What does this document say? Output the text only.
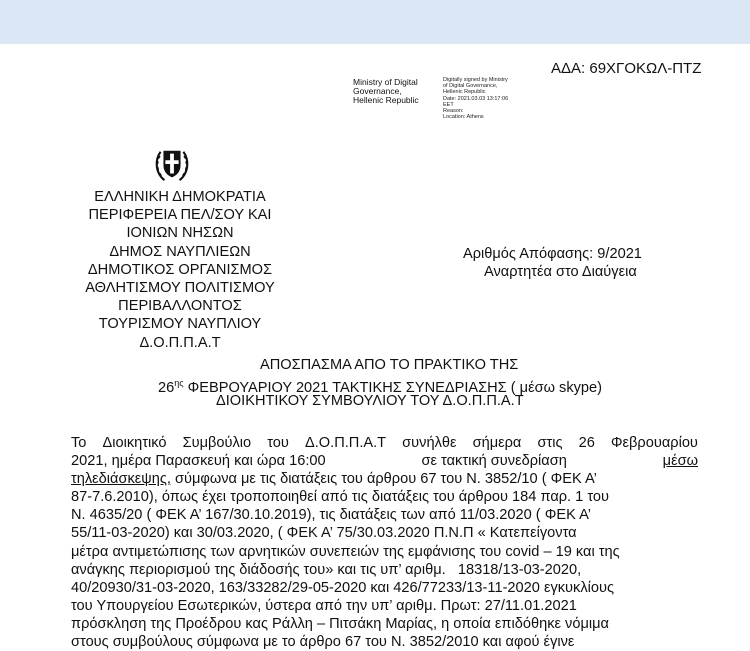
ΑΔΑ: 69ΧΓΟΚΩΛ-ΠΤΖ
Ministry of Digital
Governance,
Hellenic Republic
Digitally signed by Ministry
of Digital Governance,
Hellenic Republic
Date: 2021.03.03 13:17:06
EET
Reason:
Location: Athens
ΕΛΛΗΝΙΚΗ ΔΗΜΟΚΡΑΤΙΑ
ΠΕΡΙΦΕΡΕΙΑ ΠΕΛ/ΣΟΥ ΚΑΙ
ΙΟΝΙΩΝ ΝΗΣΩΝ
ΔΗΜΟΣ ΝΑΥΠΛΙΕΩΝ
ΔΗΜΟΤΙΚΟΣ ΟΡΓΑΝΙΣΜΟΣ
ΑΘΛΗΤΙΣΜΟΥ ΠΟΛΙΤΙΣΜΟΥ
ΠΕΡΙΒΑΛΛΟΝΤΟΣ
ΤΟΥΡΙΣΜΟΥ ΝΑΥΠΛΙΟΥ
Δ.Ο.Π.Π.Α.Τ
Αριθμός Απόφασης: 9/2021
Αναρτητέα στο Διαύγεια
ΑΠΟΣΠΑΣΜΑ ΑΠΟ ΤΟ ΠΡΑΚΤΙΚΟ ΤΗΣ
$26^{\eta\varsigma}$ ΦΕΒΡΟΥΑΡΙΟΥ 2021 ΤΑΚΤΙΚΗΣ ΣΥΝΕΔΡΙΑΣΗΣ ( μέσω skype)
ΔΙΟΙΚΗΤΙΚΟΥ ΣΥΜΒΟΥΛΙΟΥ ΤΟΥ Δ.Ο.Π.Π.Α.Τ
Το Διοικητικό Συμβούλιο του Δ.Ο.Π.Π.Α.Τ συνήλθε σήμερα στις 26 Φεβρουαρίου
2021, ημέρα Παρασκευή και ώρα 16:00	σε τακτική συνεδρίαση	μέσω
τηλεδιάσκεψης, σύμφωνα με τις διατάξεις του άρθρου 67 του Ν. 3852/10 ( ΦΕΚ Α’
87-7.6.2010), όπως έχει τροποποιηθεί από τις διατάξεις του άρθρου 184 παρ. 1 του
Ν. 4635/20 ( ΦΕΚ Α’ 167/30.10.2019), τις διατάξεις των από 11/03.2020 ( ΦΕΚ Α’
55/11-03-2020) και 30/03.2020, ( ΦΕΚ Α’ 75/30.03.2020 Π.Ν.Π « Κατεπείγοντα
μέτρα αντιμετώπισης των αρνητικών συνεπειών της εμφάνισης του covid – 19 και της
ανάγκης περιορισμού της διάδοσής του» και τις υπ’ αριθμ.   18318/13-03-2020,
40/20930/31-03-2020, 163/33282/29-05-2020 και 426/77233/13-11-2020 εγκυκλίους
του Υπουργείου Εσωτερικών, ύστερα από την υπ’ αριθμ. Πρωτ: 27/11.01.2021
πρόσκληση της Προέδρου κας Ράλλη – Πιτσάκη Μαρίας, η οποία επιδόθηκε νόμιμα
στους συμβούλους σύμφωνα με το άρθρο 67 του Ν. 3852/2010 και αφού έγινε
